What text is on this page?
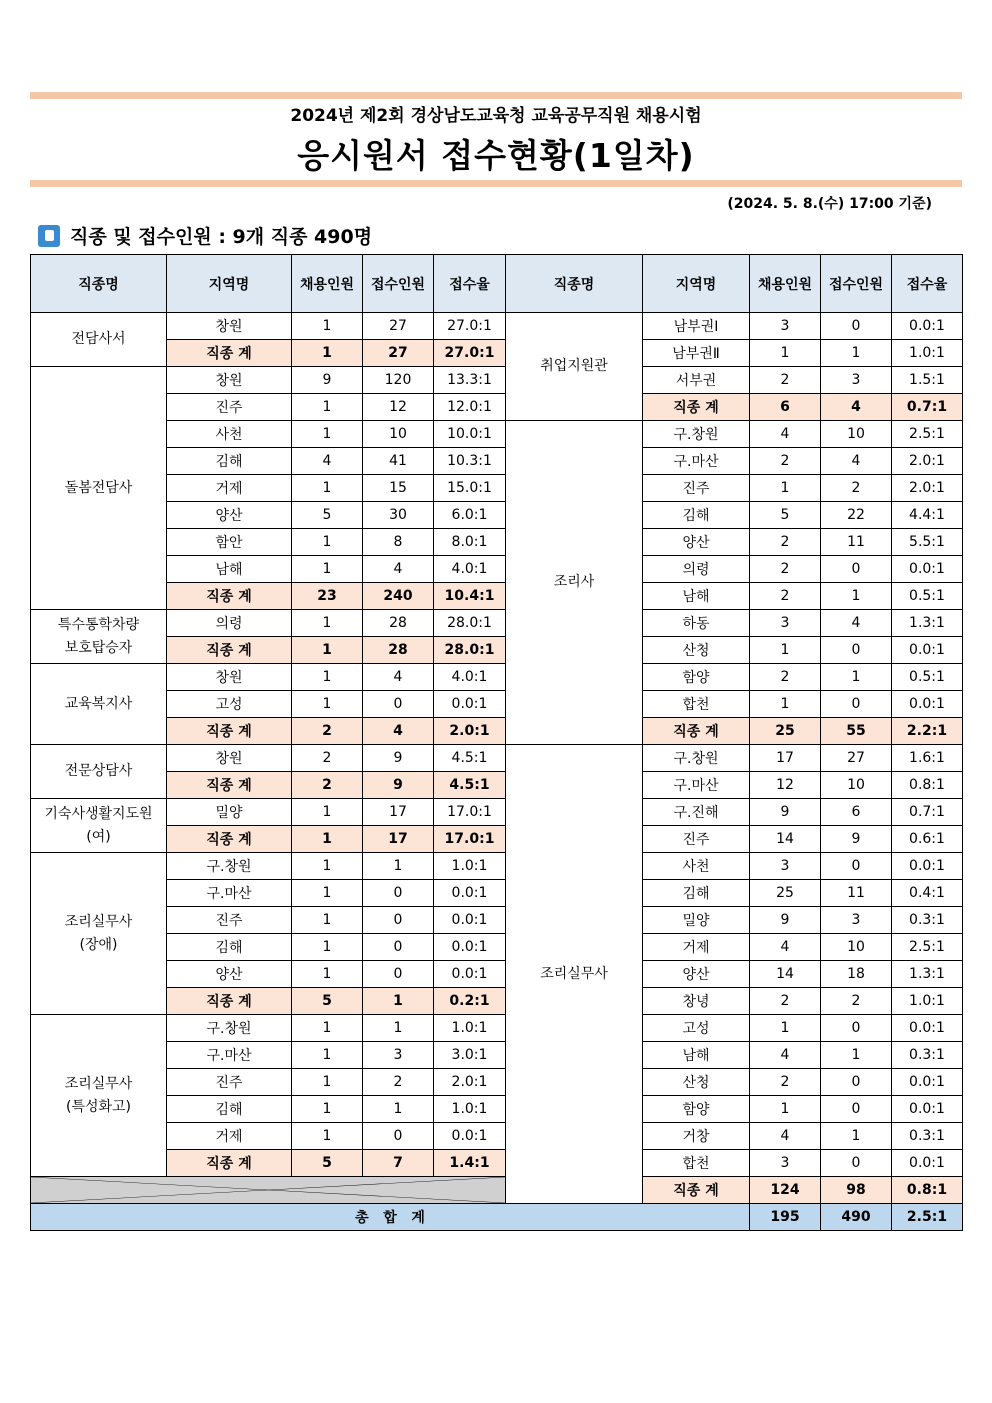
2024년 제2회 경상남도교육청 교육공무직원 채용시험
응시원서 접수현황(1일차)
(2024. 5. 8.(수) 17:00 기준)
직종 및 접수인원 : 9개 직종 490명
직종명	지역명	채용인원	접수인원	접수율	직종명	지역명	채용인원	접수인원	접수율
전담사서	창원	1	27	27.0:1	취업지원관	남부권Ⅰ	3	0	0.0:1
	직종 계	1	27	27.0:1		남부권Ⅱ	1	1	1.0:1
돌봄전담사	창원	9	120	13.3:1		서부권	2	3	1.5:1
	진주	1	12	12.0:1		직종 계	6	4	0.7:1
	사천	1	10	10.0:1	조리사	구.창원	4	10	2.5:1
	김해	4	41	10.3:1		구.마산	2	4	2.0:1
	거제	1	15	15.0:1		진주	1	2	2.0:1
	양산	5	30	6.0:1		김해	5	22	4.4:1
	함안	1	8	8.0:1		양산	2	11	5.5:1
	남해	1	4	4.0:1		의령	2	0	0.0:1
	직종 계	23	240	10.4:1		남해	2	1	0.5:1
특수통학차량
보호탑승자	의령	1	28	28.0:1		하동	3	4	1.3:1
	직종 계	1	28	28.0:1		산청	1	0	0.0:1
교육복지사	창원	1	4	4.0:1		함양	2	1	0.5:1
	고성	1	0	0.0:1		합천	1	0	0.0:1
	직종 계	2	4	2.0:1		직종 계	25	55	2.2:1
전문상담사	창원	2	9	4.5:1	조리실무사	구.창원	17	27	1.6:1
	직종 계	2	9	4.5:1		구.마산	12	10	0.8:1
기숙사생활지도원
(여)	밀양	1	17	17.0:1		구.진해	9	6	0.7:1
	직종 계	1	17	17.0:1		진주	14	9	0.6:1
조리실무사
(장애)	구.창원	1	1	1.0:1		사천	3	0	0.0:1
	구.마산	1	0	0.0:1		김해	25	11	0.4:1
	진주	1	0	0.0:1		밀양	9	3	0.3:1
	김해	1	0	0.0:1		거제	4	10	2.5:1
	양산	1	0	0.0:1		양산	14	18	1.3:1
	직종 계	5	1	0.2:1		창녕	2	2	1.0:1
조리실무사
(특성화고)	구.창원	1	1	1.0:1		고성	1	0	0.0:1
	구.마산	1	3	3.0:1		남해	4	1	0.3:1
	진주	1	2	2.0:1		산청	2	0	0.0:1
	김해	1	1	1.0:1		함양	1	0	0.0:1
	거제	1	0	0.0:1		거창	4	1	0.3:1
	직종 계	5	7	1.4:1		합천	3	0	0.0:1

	직종 계	124	98	0.8:1
총   합   계							195	490	2.5:1
